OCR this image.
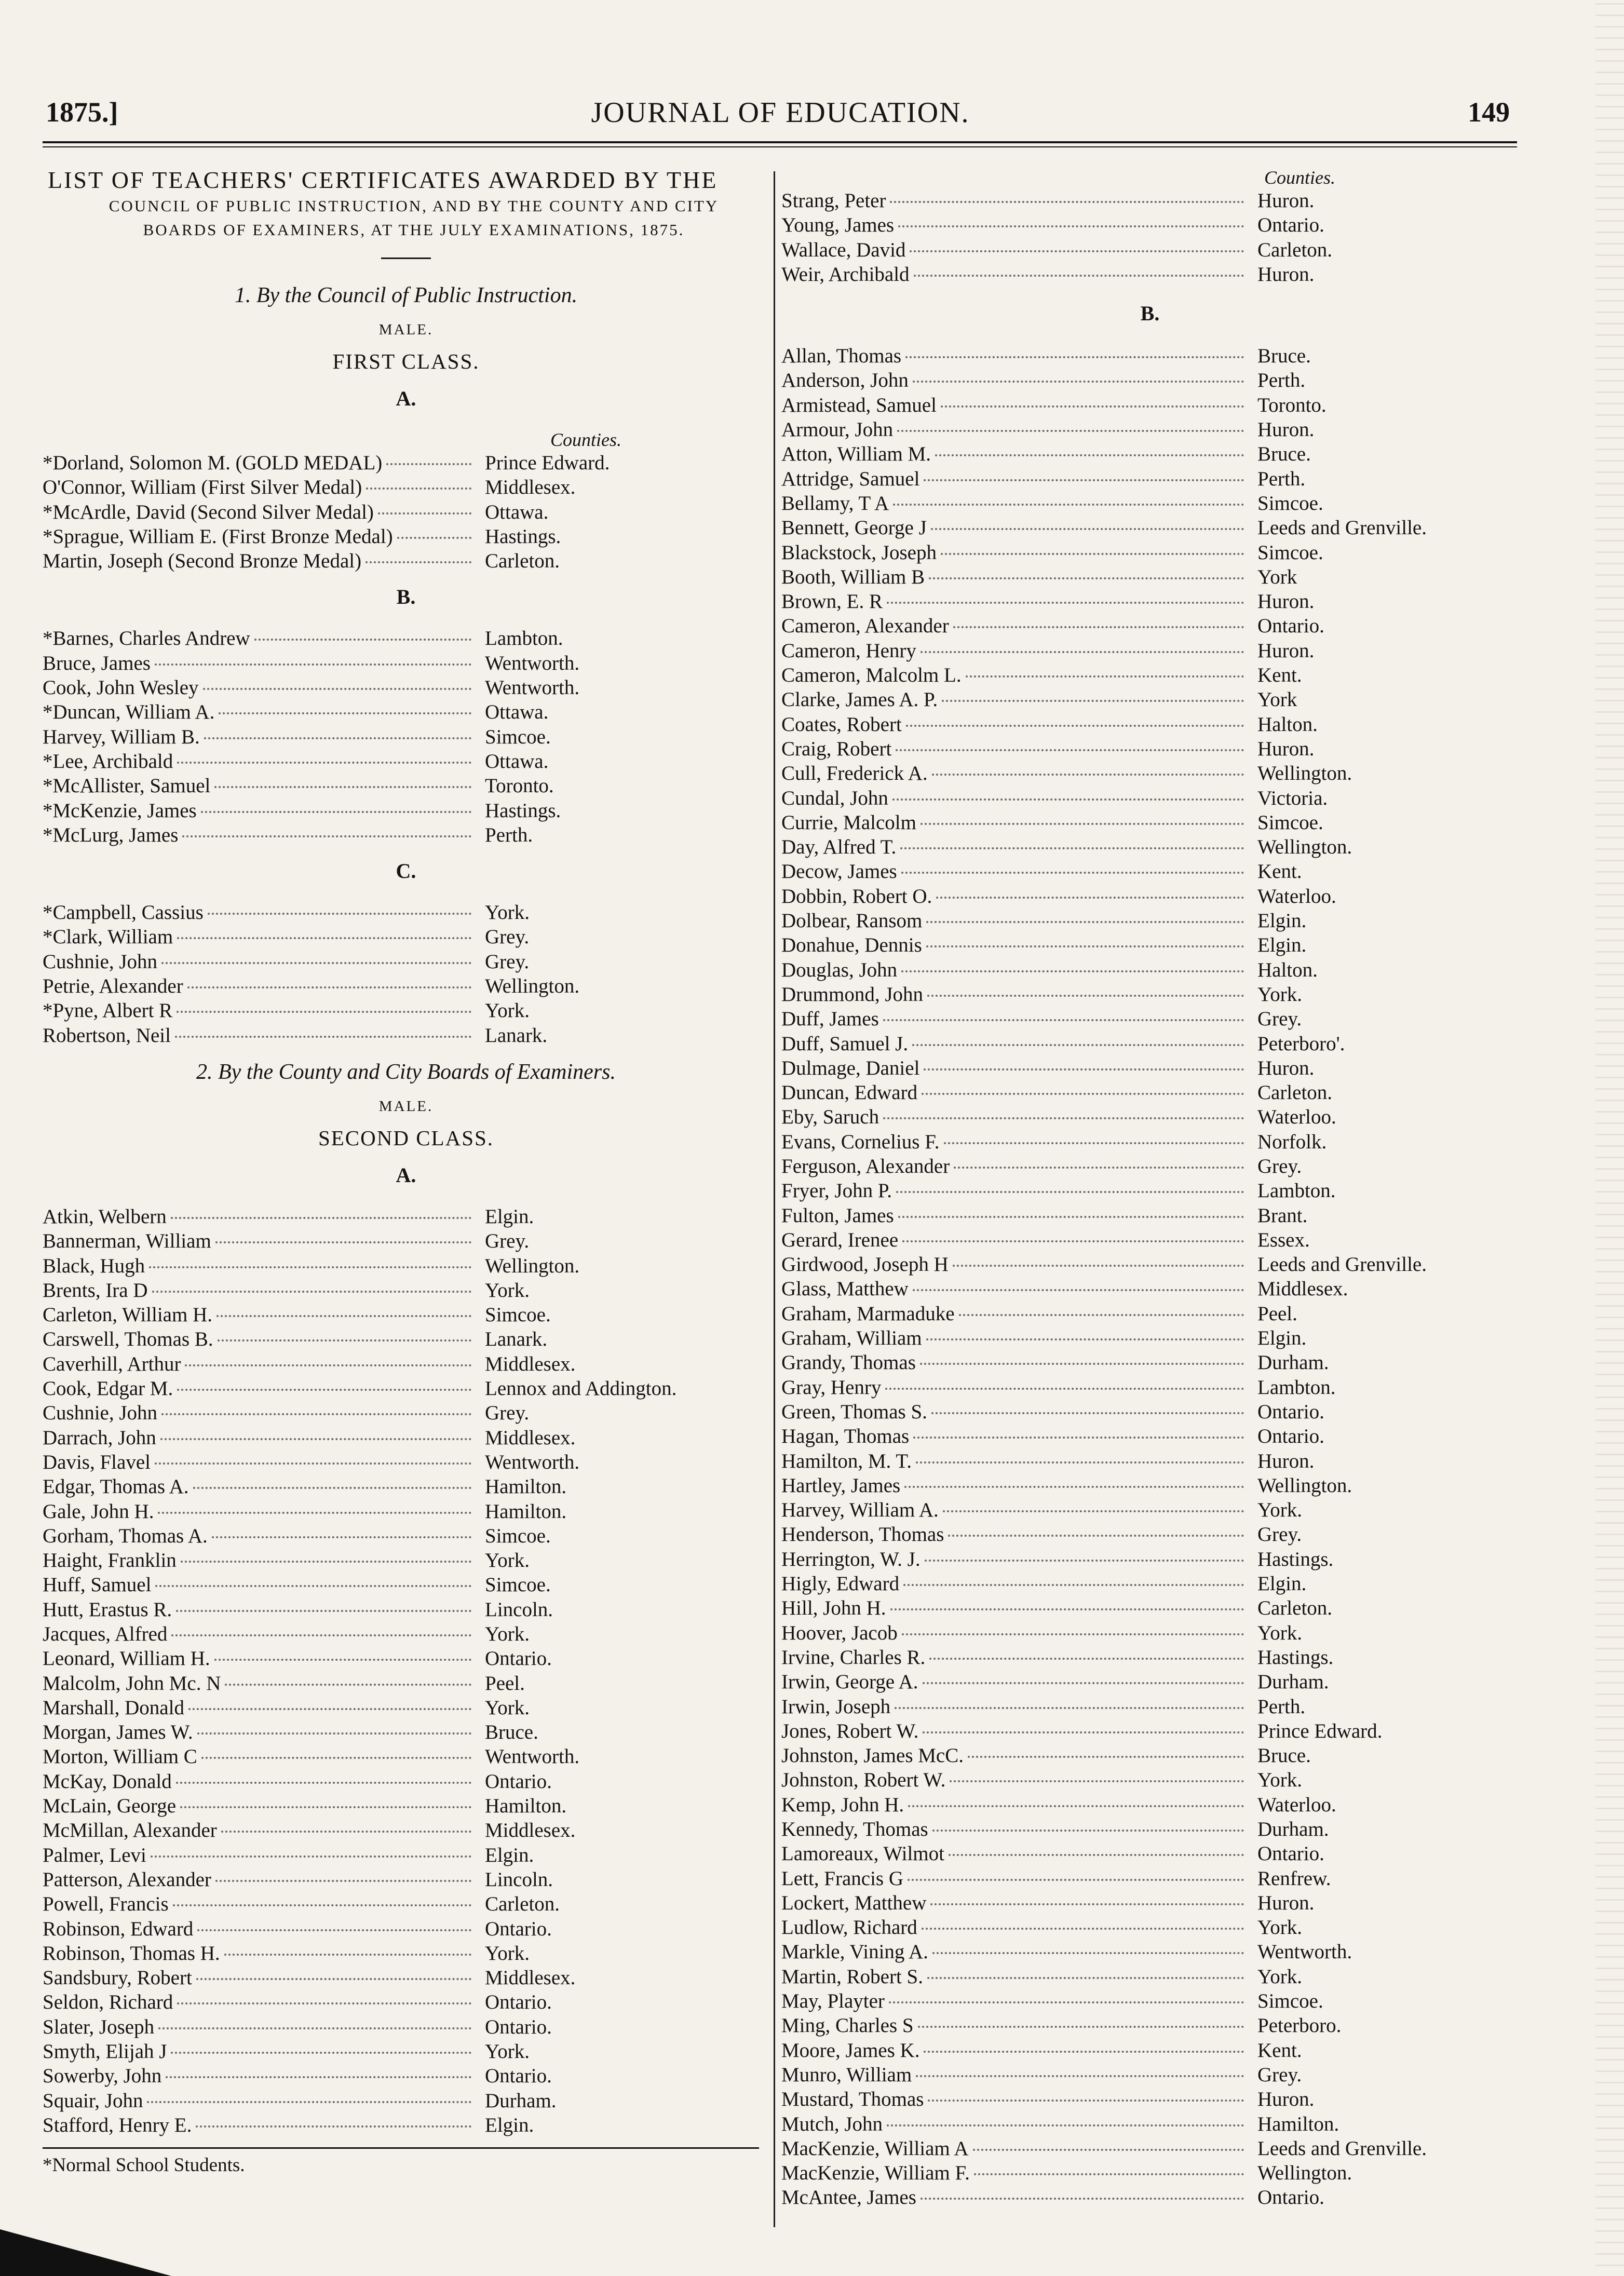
1875.]	JOURNAL OF EDUCATION.	149
LIST OF TEACHERS' CERTIFICATES AWARDED BY THE
COUNCIL OF PUBLIC INSTRUCTION, AND BY THE COUNTY AND CITY
BOARDS OF EXAMINERS, AT THE JULY EXAMINATIONS, 1875.
1. By the Council of Public Instruction.
MALE.
FIRST CLASS.
A.
Counties.
*Dorland, Solomon M. (GOLD MEDAL)	Prince Edward.
O'Connor, William (First Silver Medal)	Middlesex.
*McArdle, David (Second Silver Medal)	Ottawa.
*Sprague, William E. (First Bronze Medal)	Hastings.
Martin, Joseph (Second Bronze Medal)	Carleton.
B.
*Barnes, Charles Andrew	Lambton.
Bruce, James	Wentworth.
Cook, John Wesley	Wentworth.
*Duncan, William A.	Ottawa.
Harvey, William B.	Simcoe.
*Lee, Archibald	Ottawa.
*McAllister, Samuel	Toronto.
*McKenzie, James	Hastings.
*McLurg, James	Perth.
C.
*Campbell, Cassius	York.
*Clark, William	Grey.
Cushnie, John	Grey.
Petrie, Alexander	Wellington.
*Pyne, Albert R	York.
Robertson, Neil	Lanark.
2. By the County and City Boards of Examiners.
MALE.
SECOND CLASS.
A.
Atkin, Welbern	Elgin.
Bannerman, William	Grey.
Black, Hugh	Wellington.
Brents, Ira D	York.
Carleton, William H.	Simcoe.
Carswell, Thomas B.	Lanark.
Caverhill, Arthur	Middlesex.
Cook, Edgar M.	Lennox and Addington.
Cushnie, John	Grey.
Darrach, John	Middlesex.
Davis, Flavel	Wentworth.
Edgar, Thomas A.	Hamilton.
Gale, John H.	Hamilton.
Gorham, Thomas A.	Simcoe.
Haight, Franklin	York.
Huff, Samuel	Simcoe.
Hutt, Erastus R.	Lincoln.
Jacques, Alfred	York.
Leonard, William H.	Ontario.
Malcolm, John Mc. N	Peel.
Marshall, Donald	York.
Morgan, James W.	Bruce.
Morton, William C	Wentworth.
McKay, Donald	Ontario.
McLain, George	Hamilton.
McMillan, Alexander	Middlesex.
Palmer, Levi	Elgin.
Patterson, Alexander	Lincoln.
Powell, Francis	Carleton.
Robinson, Edward	Ontario.
Robinson, Thomas H.	York.
Sandsbury, Robert	Middlesex.
Seldon, Richard	Ontario.
Slater, Joseph	Ontario.
Smyth, Elijah J	York.
Sowerby, John	Ontario.
Squair, John	Durham.
Stafford, Henry E.	Elgin.
*Normal School Students.
Counties.
Strang, Peter	Huron.
Young, James	Ontario.
Wallace, David	Carleton.
Weir, Archibald	Huron.
B.
Allan, Thomas	Bruce.
Anderson, John	Perth.
Armistead, Samuel	Toronto.
Armour, John	Huron.
Atton, William M.	Bruce.
Attridge, Samuel	Perth.
Bellamy, T A	Simcoe.
Bennett, George J	Leeds and Grenville.
Blackstock, Joseph	Simcoe.
Booth, William B	York
Brown, E. R	Huron.
Cameron, Alexander	Ontario.
Cameron, Henry	Huron.
Cameron, Malcolm L.	Kent.
Clarke, James A. P.	York
Coates, Robert	Halton.
Craig, Robert	Huron.
Cull, Frederick A.	Wellington.
Cundal, John	Victoria.
Currie, Malcolm	Simcoe.
Day, Alfred T.	Wellington.
Decow, James	Kent.
Dobbin, Robert O.	Waterloo.
Dolbear, Ransom	Elgin.
Donahue, Dennis	Elgin.
Douglas, John	Halton.
Drummond, John	York.
Duff, James	Grey.
Duff, Samuel J.	Peterboro'.
Dulmage, Daniel	Huron.
Duncan, Edward	Carleton.
Eby, Saruch	Waterloo.
Evans, Cornelius F.	Norfolk.
Ferguson, Alexander	Grey.
Fryer, John P.	Lambton.
Fulton, James	Brant.
Gerard, Irenee	Essex.
Girdwood, Joseph H	Leeds and Grenville.
Glass, Matthew	Middlesex.
Graham, Marmaduke	Peel.
Graham, William	Elgin.
Grandy, Thomas	Durham.
Gray, Henry	Lambton.
Green, Thomas S.	Ontario.
Hagan, Thomas	Ontario.
Hamilton, M. T.	Huron.
Hartley, James	Wellington.
Harvey, William A.	York.
Henderson, Thomas	Grey.
Herrington, W. J.	Hastings.
Higly, Edward	Elgin.
Hill, John H.	Carleton.
Hoover, Jacob	York.
Irvine, Charles R.	Hastings.
Irwin, George A.	Durham.
Irwin, Joseph	Perth.
Jones, Robert W.	Prince Edward.
Johnston, James McC.	Bruce.
Johnston, Robert W.	York.
Kemp, John H.	Waterloo.
Kennedy, Thomas	Durham.
Lamoreaux, Wilmot	Ontario.
Lett, Francis G	Renfrew.
Lockert, Matthew	Huron.
Ludlow, Richard	York.
Markle, Vining A.	Wentworth.
Martin, Robert S.	York.
May, Playter	Simcoe.
Ming, Charles S	Peterboro.
Moore, James K.	Kent.
Munro, William	Grey.
Mustard, Thomas	Huron.
Mutch, John	Hamilton.
MacKenzie, William A	Leeds and Grenville.
MacKenzie, William F.	Wellington.
McAntee, James	Ontario.
